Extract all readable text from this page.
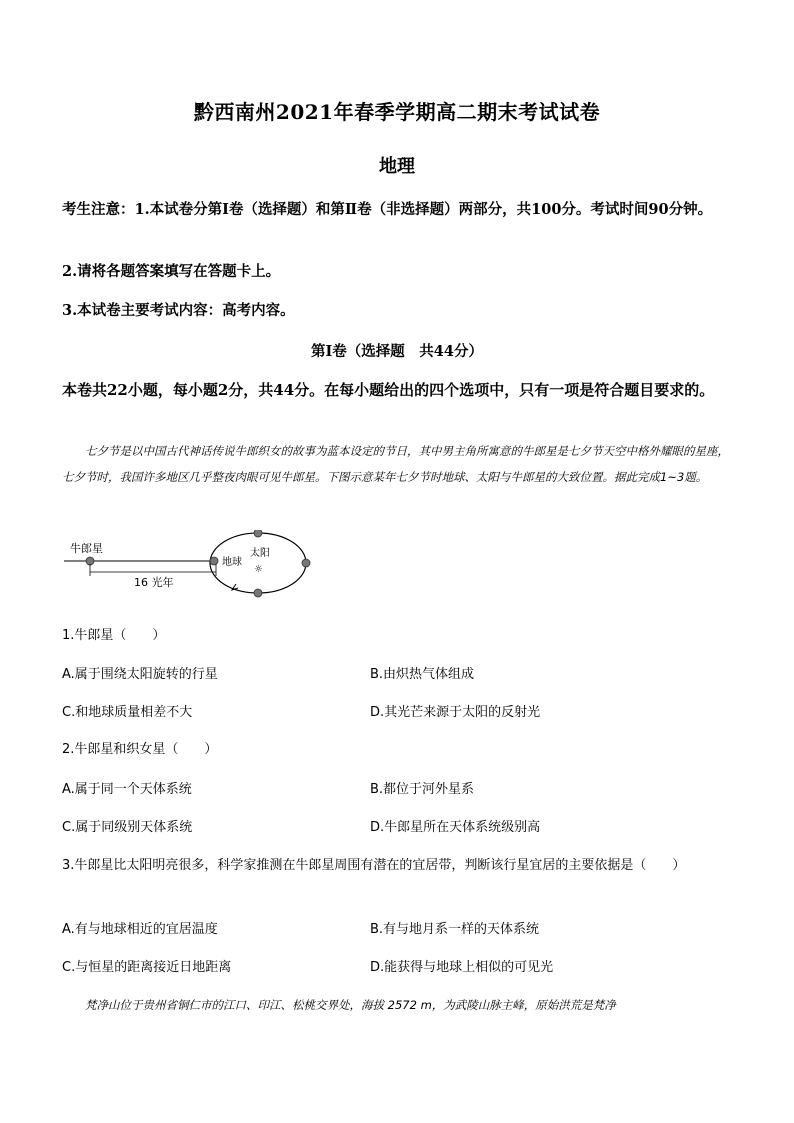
黔西南州2021年春季学期高二期末考试试卷
地理
考生注意：1.本试卷分第Ⅰ卷（选择题）和第Ⅱ卷（非选择题）两部分，共100分。考试时间90分钟。
2.请将各题答案填写在答题卡上。
3.本试卷主要考试内容：高考内容。
第Ⅰ卷（选择题　共44分）
本卷共22小题，每小题2分，共44分。在每小题给出的四个选项中，只有一项是符合题目要求的。
七夕节是以中国古代神话传说牛郎织女的故事为蓝本设定的节日，其中男主角所寓意的牛郎星是七夕节天空中格外耀眼的星座，七夕节时，我国许多地区几乎整夜肉眼可见牛郎星。下图示意某年七夕节时地球、太阳与牛郎星的大致位置。据此完成1~3题。
牛郎星
16 光年
地球
太阳
☼
1.牛郎星（　　）
A.属于围绕太阳旋转的行星	B.由炽热气体组成
C.和地球质量相差不大	D.其光芒来源于太阳的反射光
2.牛郎星和织女星（　　）
A.属于同一个天体系统	B.都位于河外星系
C.属于同级别天体系统	D.牛郎星所在天体系统级别高
3.牛郎星比太阳明亮很多，科学家推测在牛郎星周围有潜在的宜居带，判断该行星宜居的主要依据是（　　）
A.有与地球相近的宜居温度	B.有与地月系一样的天体系统
C.与恒星的距离接近日地距离	D.能获得与地球上相似的可见光
梵净山位于贵州省铜仁市的江口、印江、松桃交界处，海拔 2572 m，为武陵山脉主峰，原始洪荒是梵净
